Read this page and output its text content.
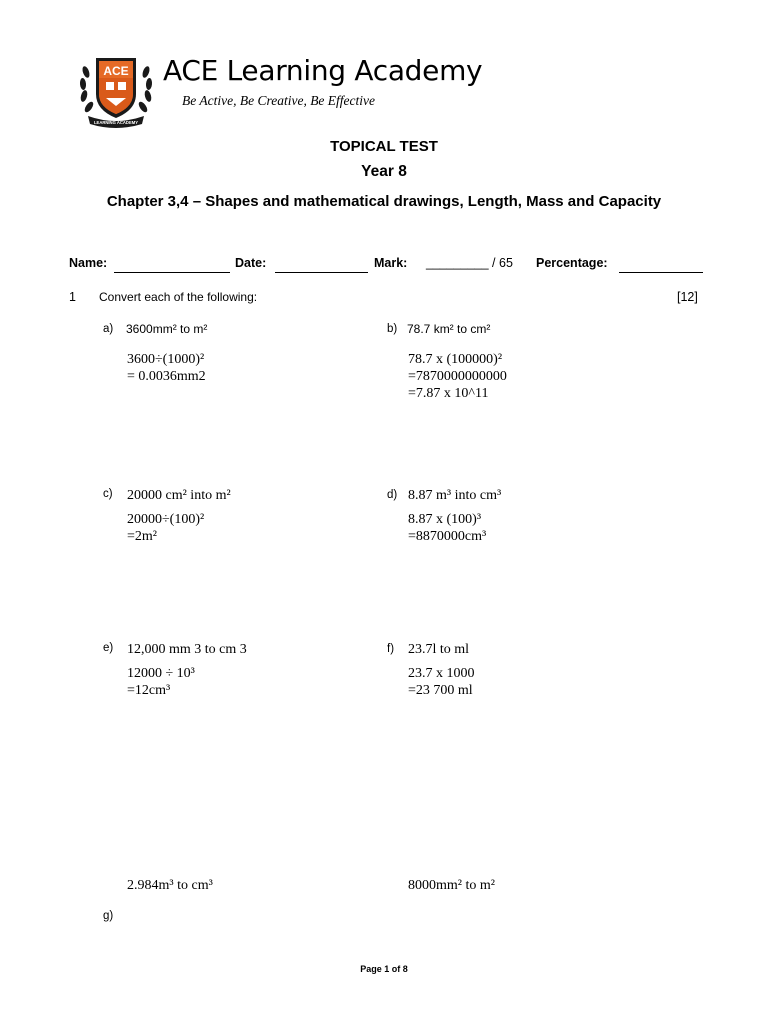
ACE
LEARNING ACADEMY
ACE Learning Academy
Be Active, Be Creative, Be Effective
TOPICAL TEST
Year 8
Chapter 3,4 – Shapes and mathematical drawings, Length, Mass and Capacity
Name:	Date:	Mark: _________ / 65 Percentage:
1 Convert each of the following:	[12]
a) 3600mm² to m²
3600÷(1000)²
= 0.0036mm2
b) 78.7 km² to cm²
78.7 x (100000)²
=7870000000000
=7.87 x 10^11
c) 20000 cm² into m²
20000÷(100)²
=2m²
d) 8.87 m³ into cm³
8.87 x (100)³
=8870000cm³
e) 12,000 mm 3 to cm 3
12000 ÷ 10³
=12cm³
f) 23.7l to ml
23.7 x 1000
=23 700 ml
2.984m³ to cm³	8000mm² to m²
g)
Page 1 of 8
